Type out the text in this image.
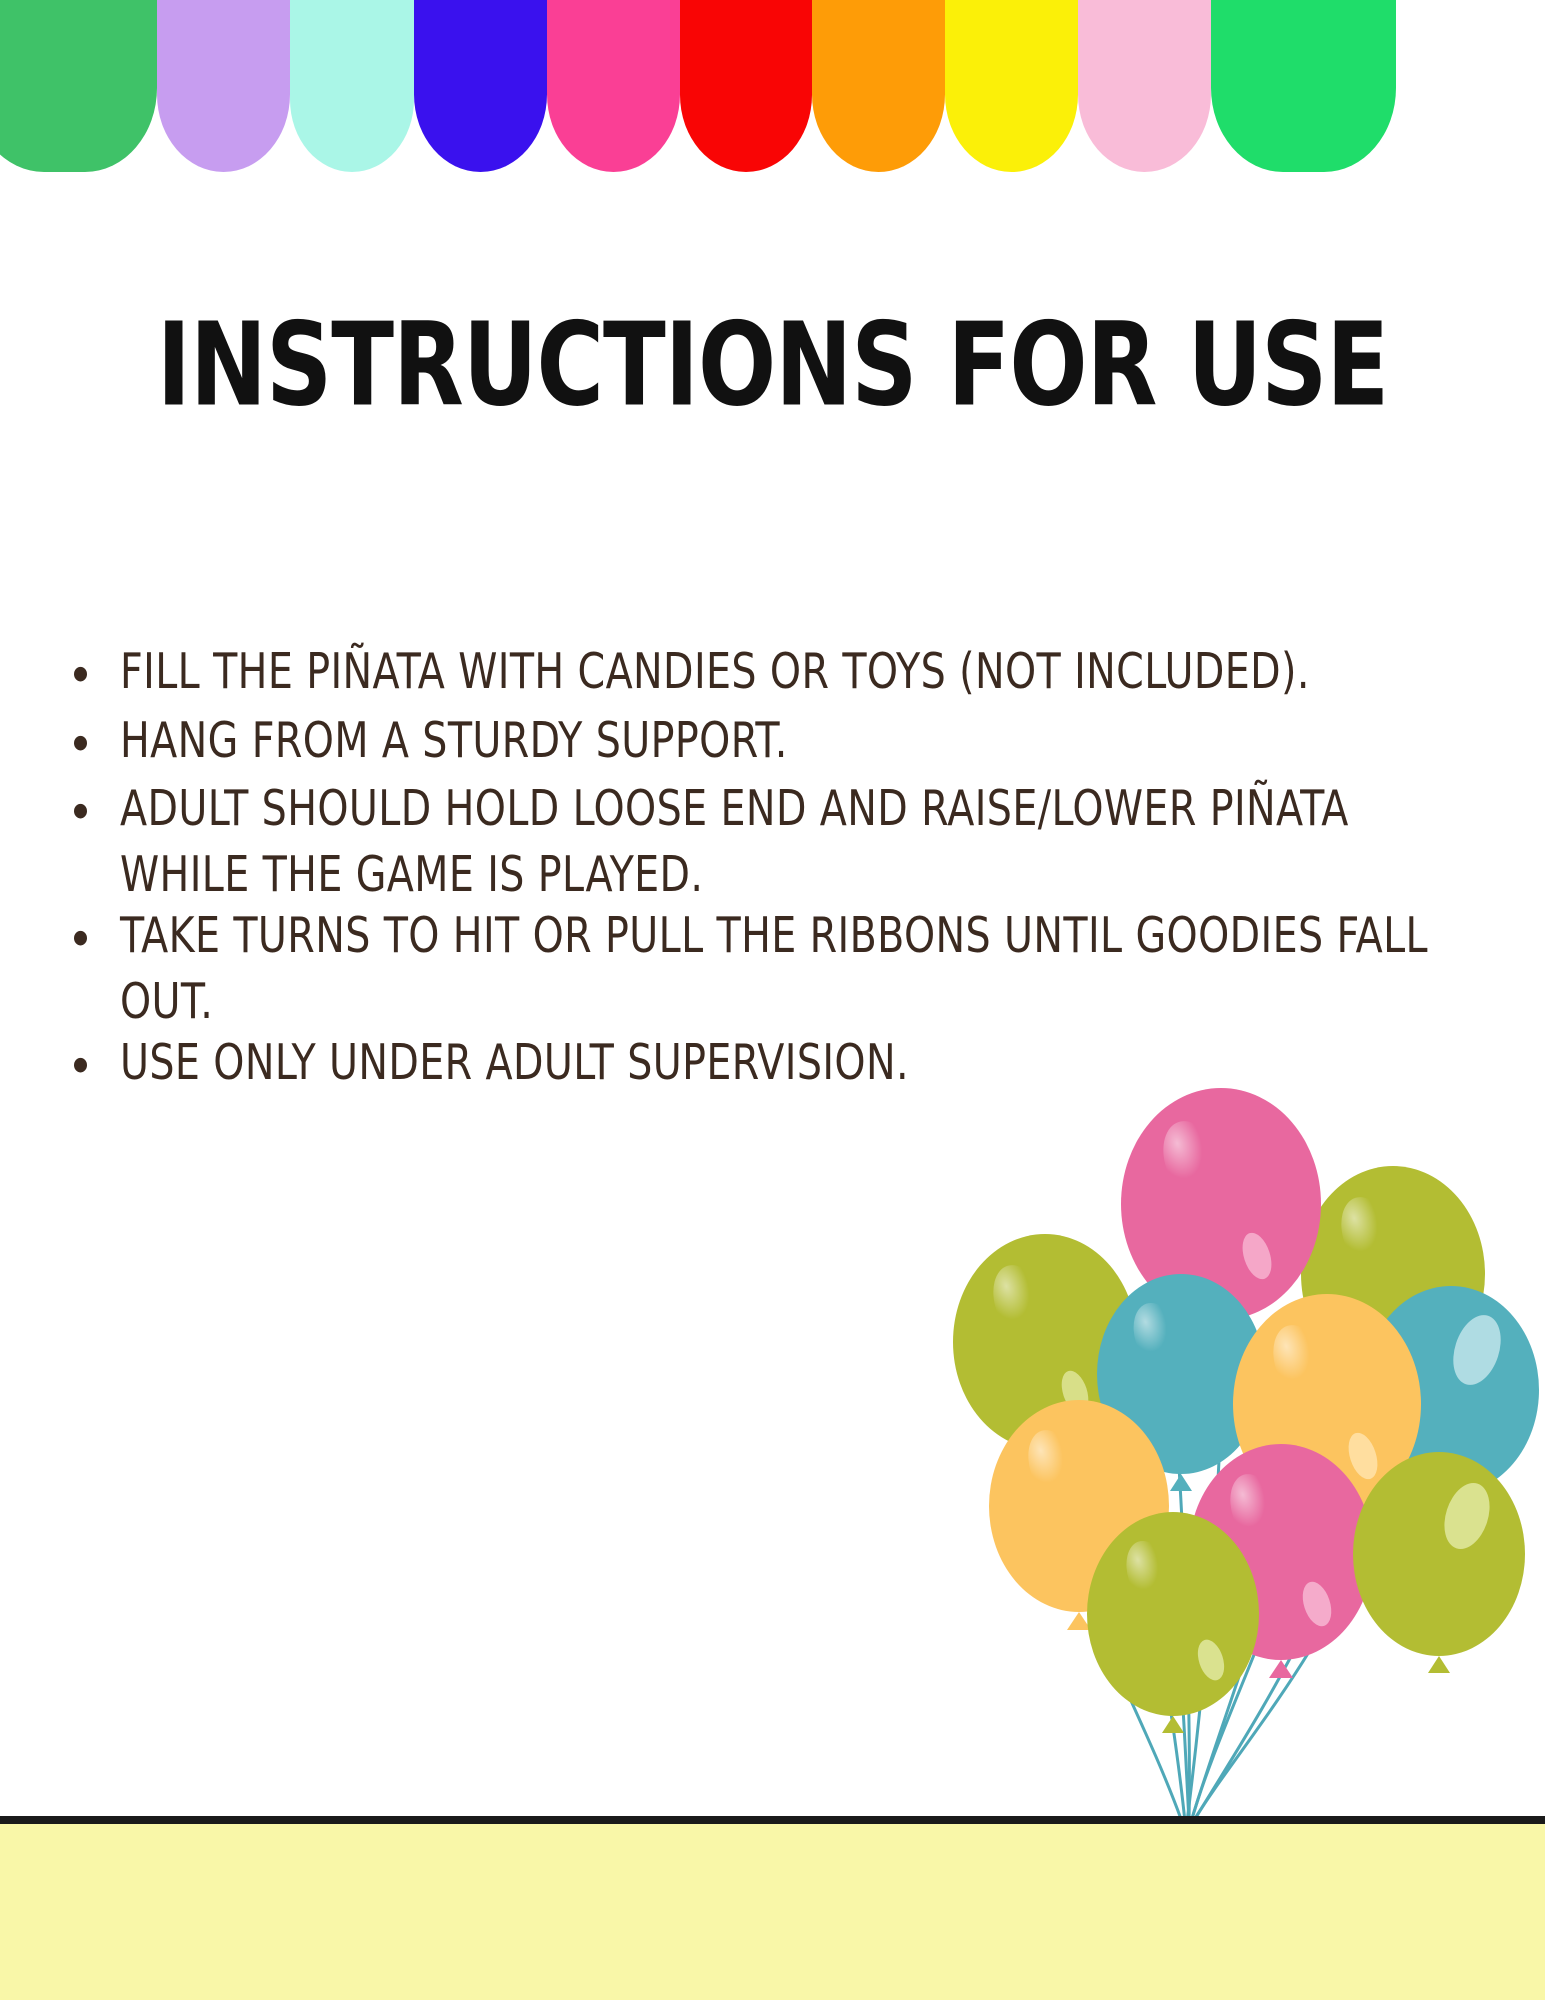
INSTRUCTIONS FOR USE
FILL THE PIÑATA WITH CANDIES OR TOYS (NOT INCLUDED).
HANG FROM A STURDY SUPPORT.
ADULT SHOULD HOLD LOOSE END AND RAISE/LOWER PIÑATA WHILE THE GAME IS PLAYED.
TAKE TURNS TO HIT OR PULL THE RIBBONS UNTIL GOODIES FALL OUT.
USE ONLY UNDER ADULT SUPERVISION.
